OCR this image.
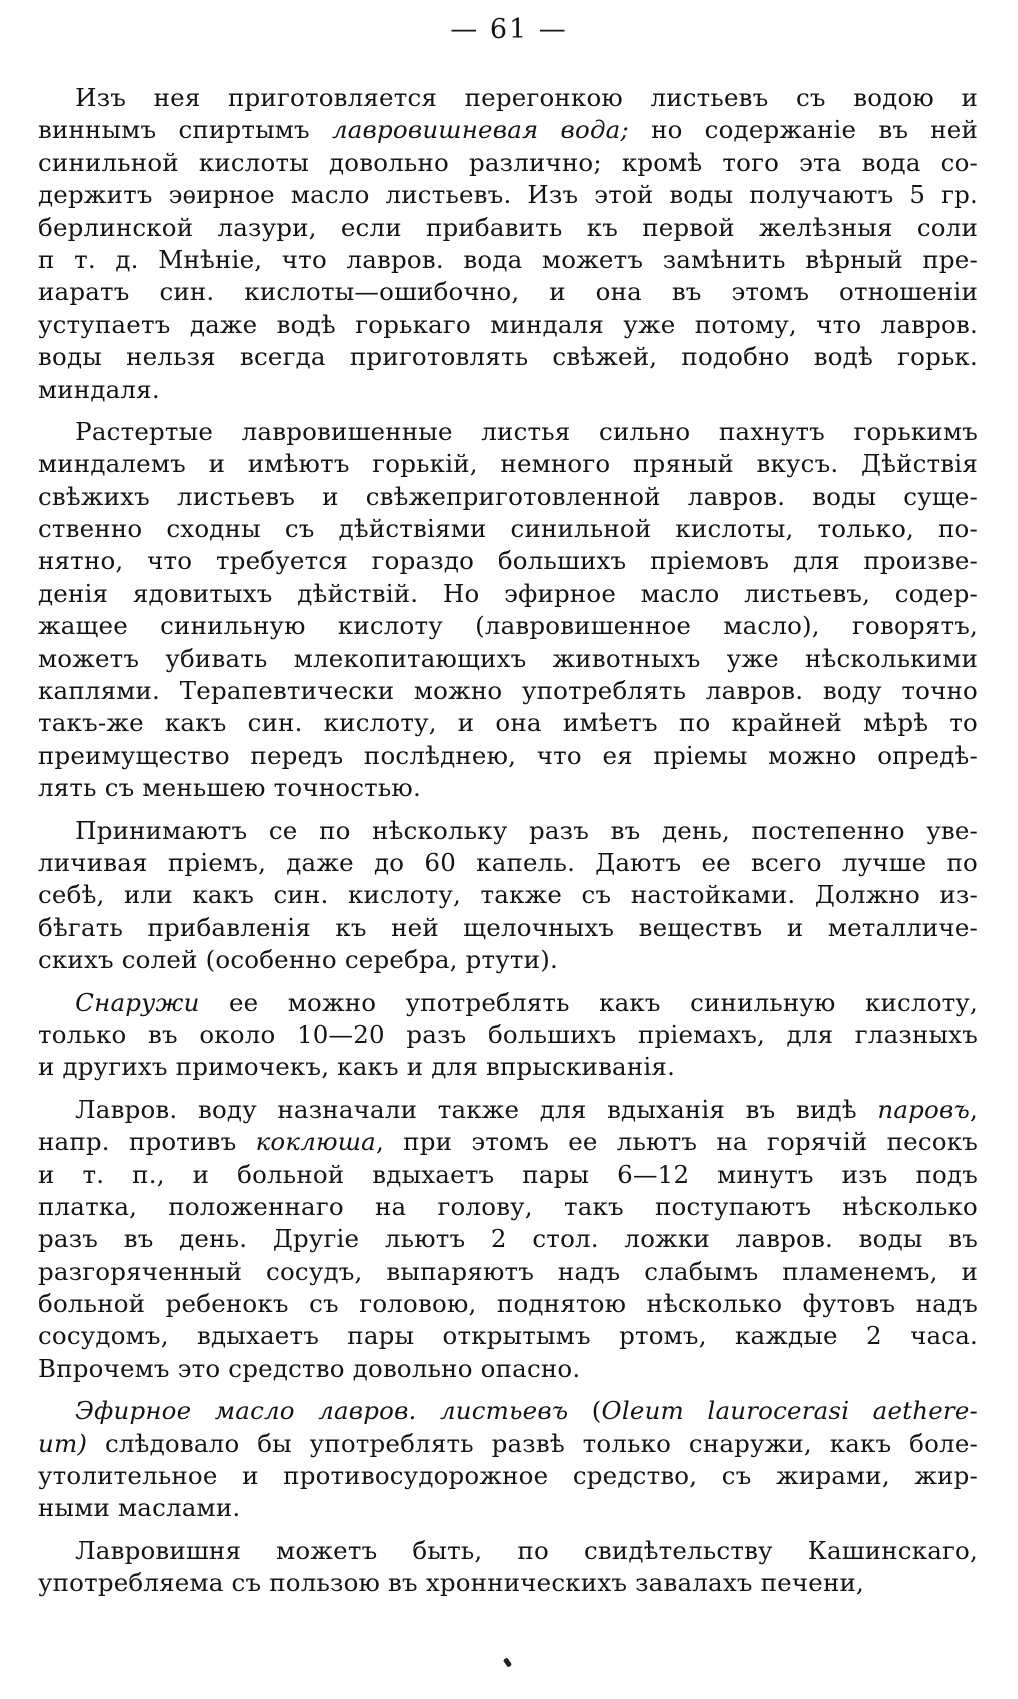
— 61 —
  Изъ нея приготовляется перегонкою листьевъ съ водою и
виннымъ спиртымъ лавровишневая вода; но содержаніе въ ней
синильной кислоты довольно различно; кромѣ того эта вода со-
держитъ эѳирное масло листьевъ. Изъ этой воды получаютъ 5 гр.
берлинской лазури, если прибавить къ первой желѣзныя соли
п т. д. Мнѣніе, что лавров. вода можетъ замѣнить вѣрный пре-
иаратъ син. кислоты—ошибочно, и она въ этомъ отношеніи
уступаетъ даже водѣ горькаго миндаля уже потому, что лавров.
воды нельзя всегда приготовлять свѣжей, подобно водѣ горьк.
миндаля.
  Растертые лавровишенные листья сильно пахнутъ горькимъ
миндалемъ и имѣютъ горькій, немного пряный вкусъ. Дѣйствія
свѣжихъ листьевъ и свѣжеприготовленной лавров. воды суще-
ственно сходны съ дѣйствіями синильной кислоты, только, по-
нятно, что требуется гораздо большихъ пріемовъ для произве-
денія ядовитыхъ дѣйствій. Но эфирное масло листьевъ, содер-
жащее синильную кислоту (лавровишенное масло), говорятъ,
можетъ убивать млекопитающихъ животныхъ уже нѣсколькими
каплями. Терапевтически можно употреблять лавров. воду точно
такъ-же какъ син. кислоту, и она имѣетъ по крайней мѣрѣ то
преимущество передъ послѣднею, что ея пріемы можно опредѣ-
лять съ меньшею точностью.
  Принимаютъ се по нѣскольку разъ въ день, постепенно уве-
личивая пріемъ, даже до 60 капель. Даютъ ее всего лучше по
себѣ, или какъ син. кислоту, также съ настойками. Должно из-
бѣгать прибавленія къ ней щелочныхъ веществъ и металличе-
скихъ солей (особенно серебра, ртути).
  Снаружи ее можно употреблять какъ синильную кислоту,
только въ около 10—20 разъ большихъ пріемахъ, для глазныхъ
и другихъ примочекъ, какъ и для впрыскиванія.
  Лавров. воду назначали также для вдыханія въ видѣ паровъ,
напр. противъ коклюша, при этомъ ее льютъ на горячій песокъ
и т. п., и больной вдыхаетъ пары 6—12 минутъ изъ подъ
платка, положеннаго на голову, такъ поступаютъ нѣсколько
разъ въ день. Другіе льютъ 2 стол. ложки лавров. воды въ
разгоряченный сосудъ, выпаряютъ надъ слабымъ пламенемъ, и
больной ребенокъ съ головою, поднятою нѣсколько футовъ надъ
сосудомъ, вдыхаетъ пары открытымъ ртомъ, каждые 2 часа.
Впрочемъ это средство довольно опасно.
  Эфирное масло лавров. листьевъ (Oleum laurocerasi aethere-
um) слѣдовало бы употреблять развѣ только снаружи, какъ боле-
утолительное и противосудорожное средство, съ жирами, жир-
ными маслами.
  Лавровишня можетъ быть, по свидѣтельству Кашинскаго,
употребляема съ пользою въ хронническихъ завалахъ печени,
